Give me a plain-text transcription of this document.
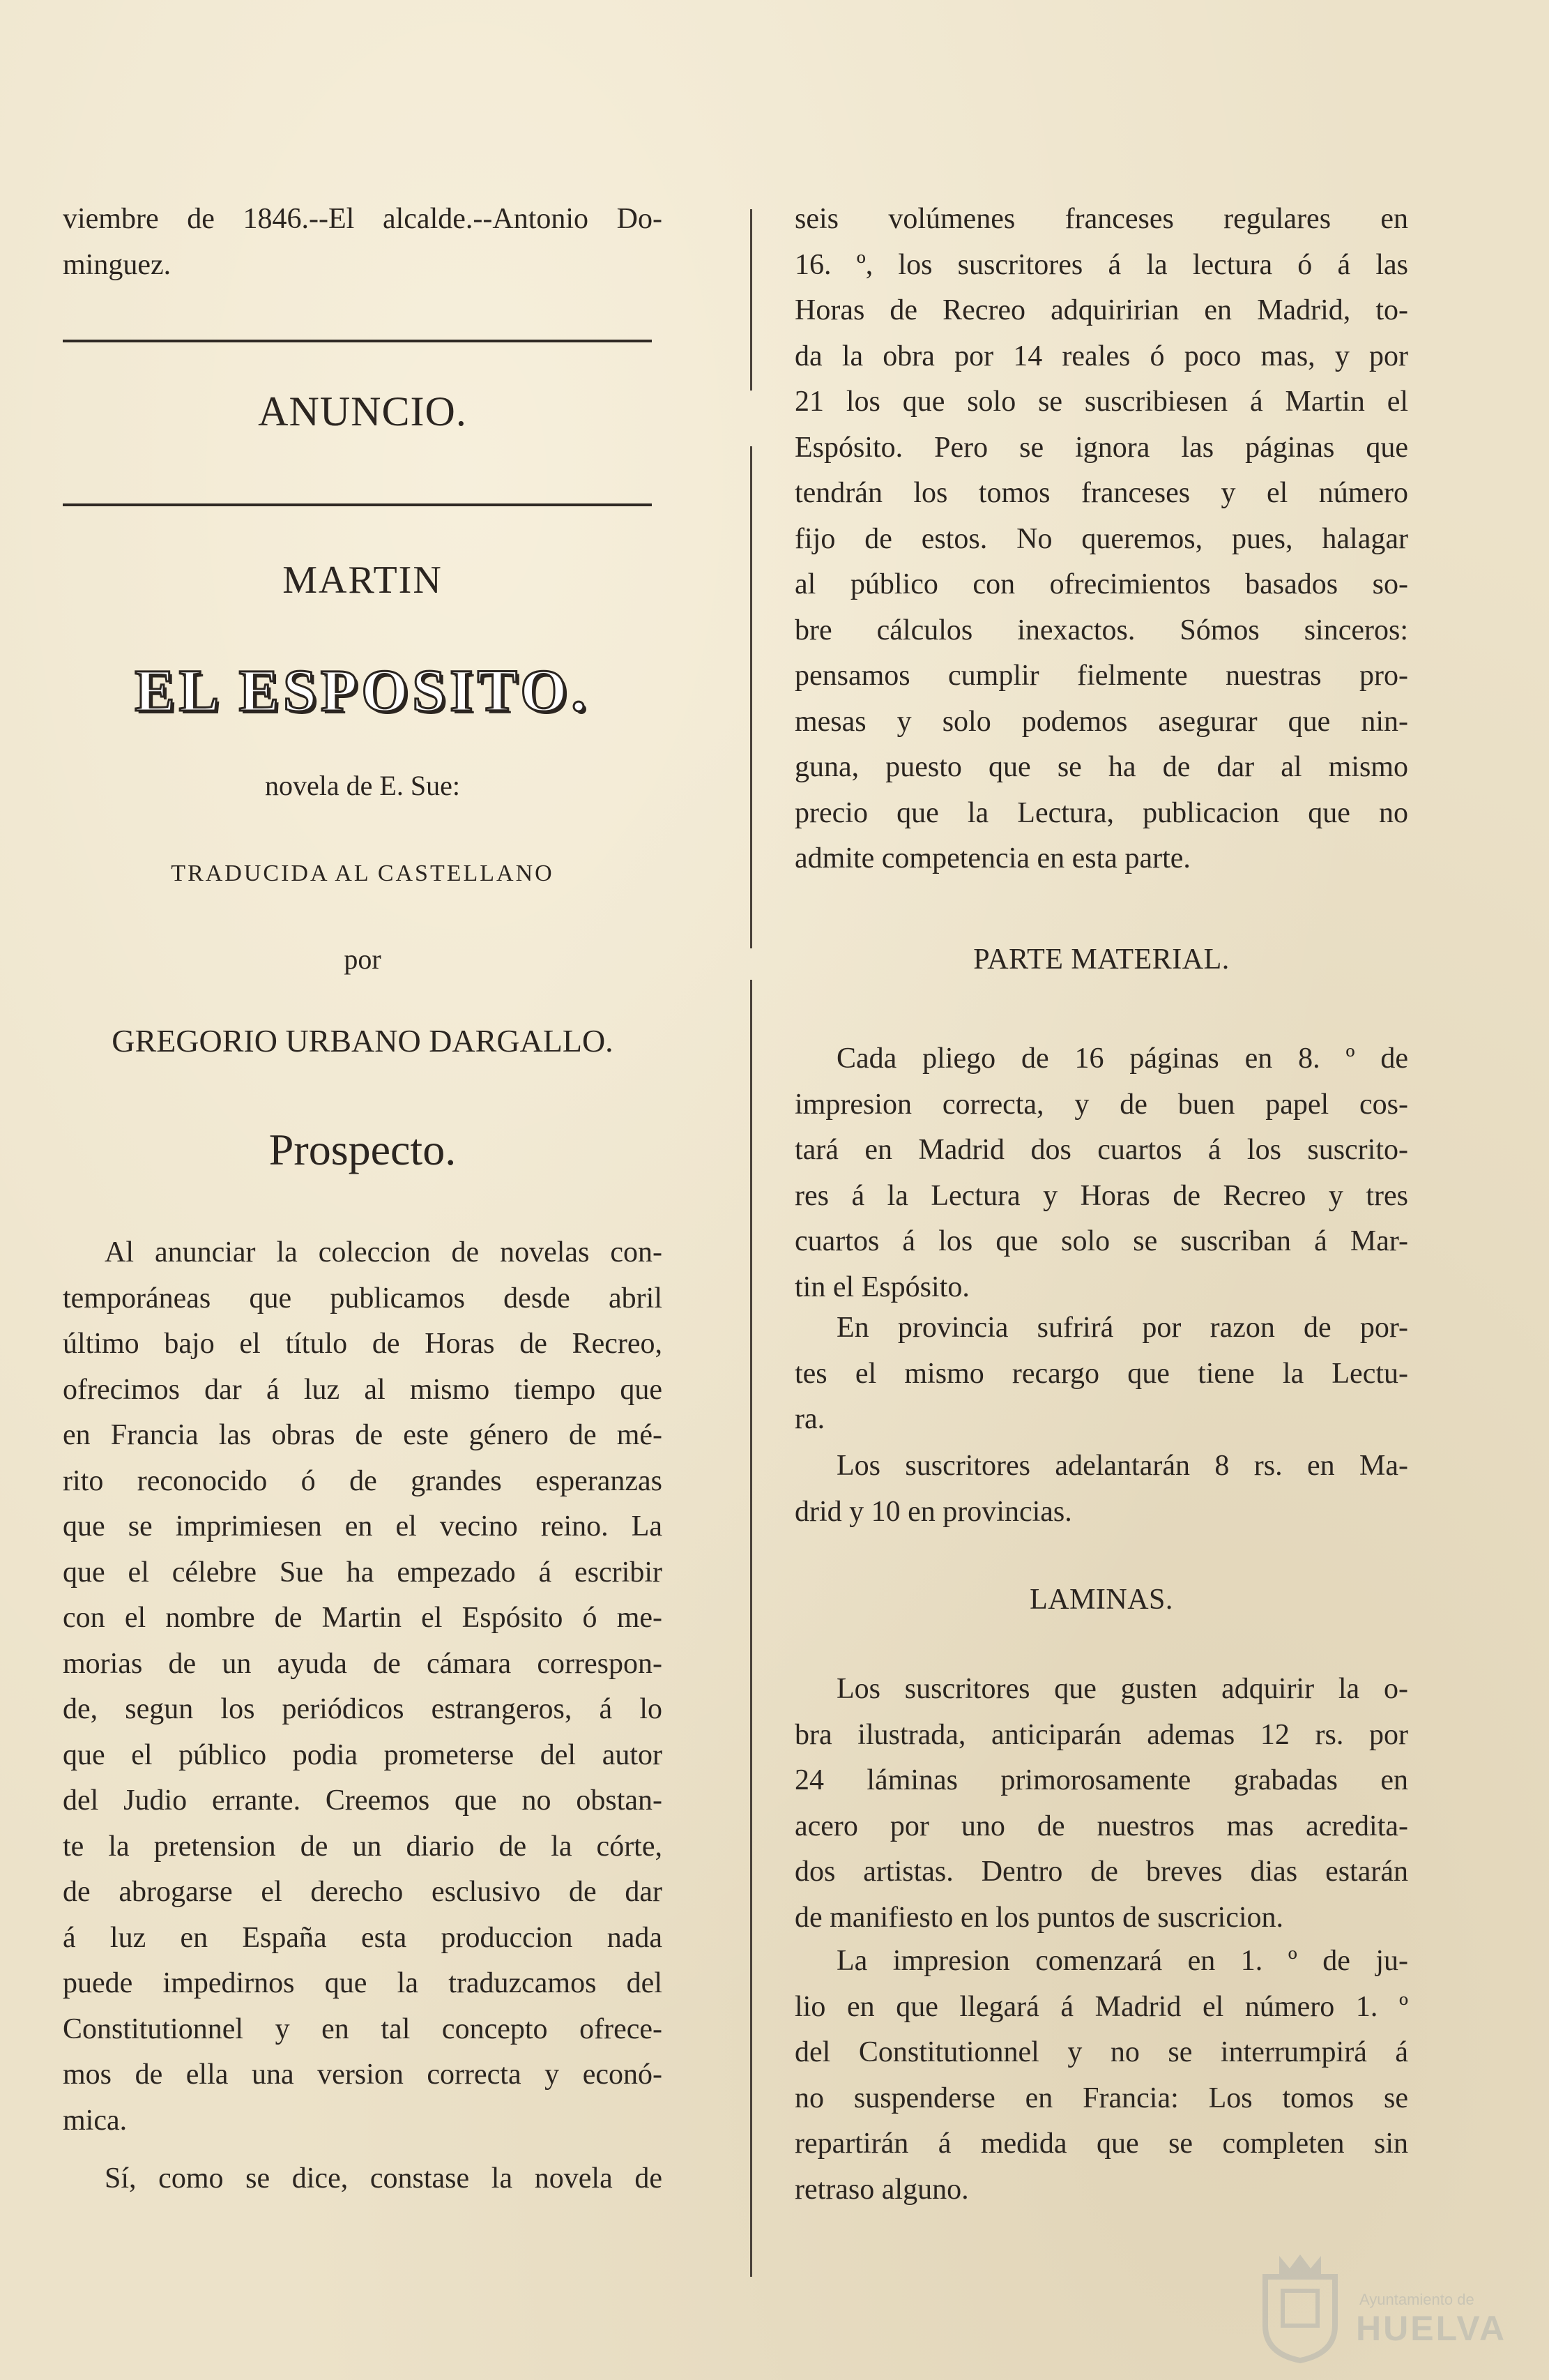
viembre de 1846.--El alcalde.--Antonio Do-

minguez.

ANUNCIO.
MARTIN
EL ESPOSITO.
novela de E. Sue:
TRADUCIDA AL CASTELLANO
por
GREGORIO URBANO DARGALLO.
Prospecto.

Al anunciar la coleccion de novelas con-

temporáneas que publicamos desde abril

último bajo el título de Horas de Recreo,

ofrecimos dar á luz al mismo tiempo que

en Francia las obras de este género de mé-

rito reconocido ó de grandes esperanzas

que se imprimiesen en el vecino reino. La

que el célebre Sue ha empezado á escribir

con el nombre de Martin el Espósito ó me-

morias de un ayuda de cámara correspon-

de, segun los periódicos estrangeros, á lo

que el público podia prometerse del autor

del Judio errante. Creemos que no obstan-

te la pretension de un diario de la córte,

de abrogarse el derecho esclusivo de dar

á luz en España esta produccion nada

puede impedirnos que la traduzcamos del

Constitutionnel y en tal concepto ofrece-

mos de ella una version correcta y econó-

mica.

Sí, como se dice, constase la novela de

seis volúmenes franceses regulares en

16. º, los suscritores á la lectura ó á las

Horas de Recreo adquiririan en Madrid, to-

da la obra por 14 reales ó poco mas, y por

21 los que solo se suscribiesen á Martin el

Espósito. Pero se ignora las páginas que

tendrán los tomos franceses y el número

fijo de estos. No queremos, pues, halagar

al público con ofrecimientos basados so-

bre cálculos inexactos. Sómos sinceros:

pensamos cumplir fielmente nuestras pro-

mesas y solo podemos asegurar que nin-

guna, puesto que se ha de dar al mismo

precio que la Lectura, publicacion que no

admite competencia en esta parte.

PARTE MATERIAL.

Cada pliego de 16 páginas en 8. º de

impresion correcta, y de buen papel cos-

tará en Madrid dos cuartos á los suscrito-

res á la Lectura y Horas de Recreo y tres

cuartos á los que solo se suscriban á Mar-

tin el Espósito.

En provincia sufrirá por razon de por-

tes el mismo recargo que tiene la Lectu-

ra.

Los suscritores adelantarán 8 rs. en Ma-

drid y 10 en provincias.

LAMINAS.

Los suscritores que gusten adquirir la o-

bra ilustrada, anticiparán ademas 12 rs. por

24 láminas primorosamente grabadas en

acero por uno de nuestros mas acredita-

dos artistas. Dentro de breves dias estarán

de manifiesto en los puntos de suscricion.

La impresion comenzará en 1. º de ju-

lio en que llegará á Madrid el número 1. º

del Constitutionnel y no se interrumpirá á

no suspenderse en Francia: Los tomos se

repartirán á medida que se completen sin

retraso alguno.

Ayuntamiento de
HUELVA
